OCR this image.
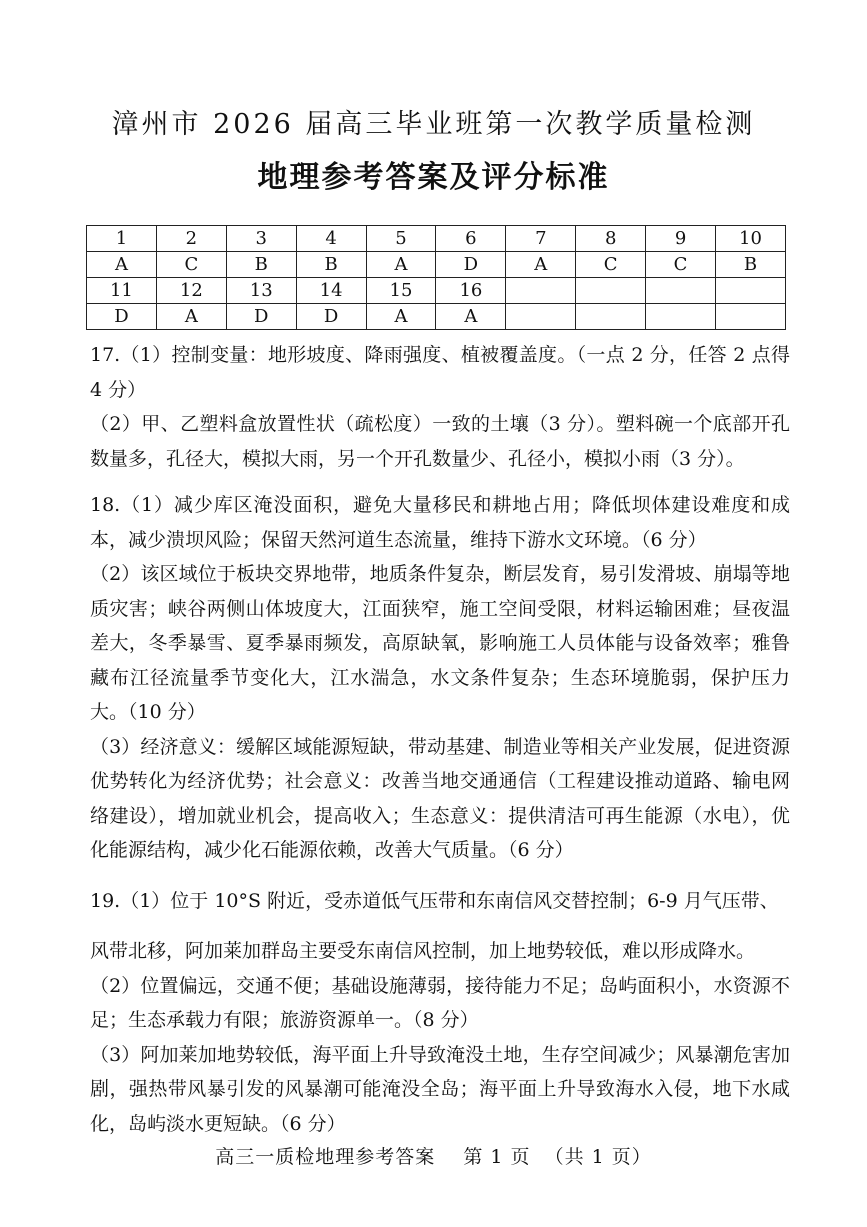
漳州市 2026 届高三毕业班第一次教学质量检测
地理参考答案及评分标准
1	2	3	4	5	6	7	8	9	10
A	C	B	B	A	D	A	C	C	B
11	12	13	14	15	16				
D	A	D	D	A	A				

17.（1）控制变量：地形坡度、降雨强度、植被覆盖度。（一点 2 分，任答 2 点得 4 分）

（2）甲、乙塑料盒放置性状（疏松度）一致的土壤（3 分）。塑料碗一个底部开孔数量多，孔径大，模拟大雨，另一个开孔数量少、孔径小，模拟小雨（3 分）。

18.（1）减少库区淹没面积，避免大量移民和耕地占用；降低坝体建设难度和成本，减少溃坝风险；保留天然河道生态流量，维持下游水文环境。（6 分）

（2）该区域位于板块交界地带，地质条件复杂，断层发育，易引发滑坡、崩塌等地质灾害；峡谷两侧山体坡度大，江面狭窄，施工空间受限，材料运输困难；昼夜温差大，冬季暴雪、夏季暴雨频发，高原缺氧，影响施工人员体能与设备效率；雅鲁藏布江径流量季节变化大，江水湍急，水文条件复杂；生态环境脆弱，保护压力大。（10 分）

（3）经济意义：缓解区域能源短缺，带动基建、制造业等相关产业发展，促进资源优势转化为经济优势；社会意义：改善当地交通通信（工程建设推动道路、输电网络建设），增加就业机会，提高收入；生态意义：提供清洁可再生能源（水电），优化能源结构，减少化石能源依赖，改善大气质量。（6 分）

19.（1）位于 10°S 附近，受赤道低气压带和东南信风交替控制；6-9 月气压带、

风带北移，阿加莱加群岛主要受东南信风控制，加上地势较低，难以形成降水。

（2）位置偏远，交通不便；基础设施薄弱，接待能力不足；岛屿面积小，水资源不足；生态承载力有限；旅游资源单一。（8 分）

（3）阿加莱加地势较低，海平面上升导致淹没土地，生存空间减少；风暴潮危害加剧，强热带风暴引发的风暴潮可能淹没全岛；海平面上升导致海水入侵，地下水咸化，岛屿淡水更短缺。（6 分）

高三一质检地理参考答案    第 1 页  （共 1 页）
